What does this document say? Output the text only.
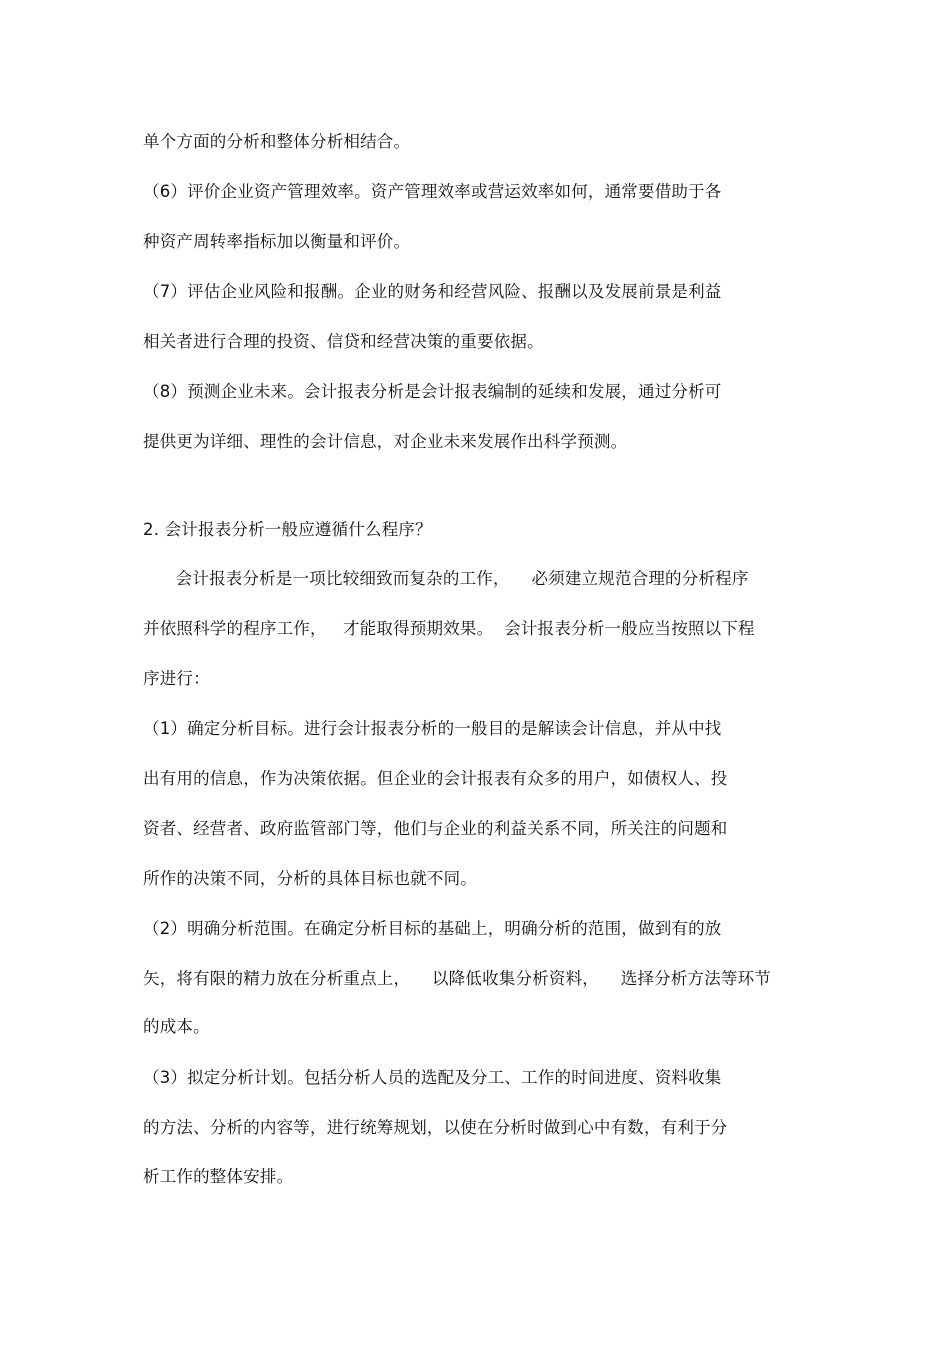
单个方面的分析和整体分析相结合。
（6）评价企业资产管理效率。资产管理效率或营运效率如何，通常要借助于各
种资产周转率指标加以衡量和评价。
（7）评估企业风险和报酬。企业的财务和经营风险、报酬以及发展前景是利益
相关者进行合理的投资、信贷和经营决策的重要依据。
（8）预测企业未来。会计报表分析是会计报表编制的延续和发展，通过分析可
提供更为详细、理性的会计信息，对企业未来发展作出科学预测。
2. 会计报表分析一般应遵循什么程序？
会计报表分析是一项比较细致而复杂的工作，    必须建立规范合理的分析程序
并依照科学的程序工作，   才能取得预期效果。  会计报表分析一般应当按照以下程
序进行：
（1）确定分析目标。进行会计报表分析的一般目的是解读会计信息，并从中找
出有用的信息，作为决策依据。但企业的会计报表有众多的用户，如债权人、投
资者、经营者、政府监管部门等，他们与企业的利益关系不同，所关注的问题和
所作的决策不同，分析的具体目标也就不同。
（2）明确分析范围。在确定分析目标的基础上，明确分析的范围，做到有的放
矢，将有限的精力放在分析重点上，    以降低收集分析资料，    选择分析方法等环节
的成本。
（3）拟定分析计划。包括分析人员的选配及分工、工作的时间进度、资料收集
的方法、分析的内容等，进行统筹规划，以使在分析时做到心中有数，有利于分
析工作的整体安排。
